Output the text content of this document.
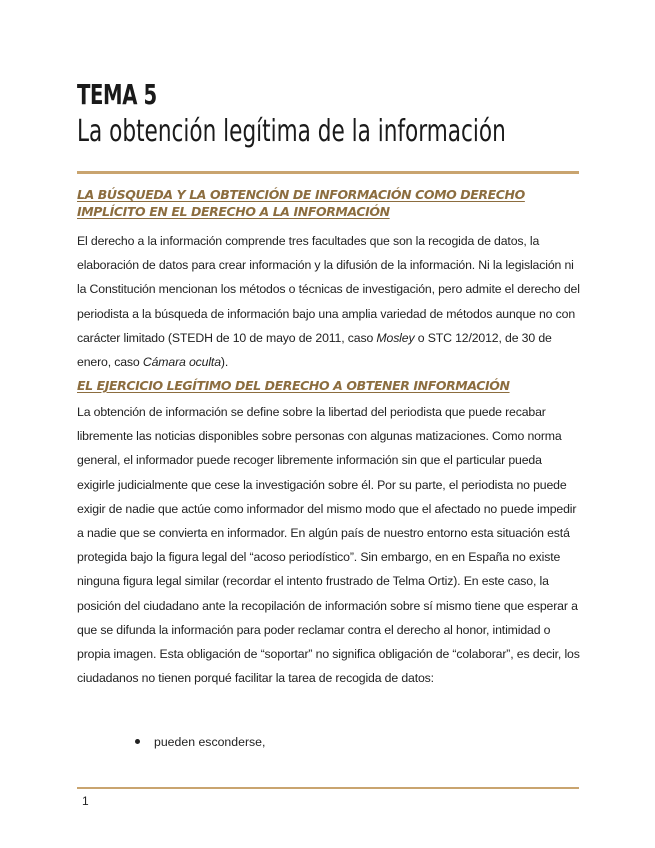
TEMA 5
La obtención legítima de la información
LA BÚSQUEDA Y LA OBTENCIÓN DE INFORMACIÓN COMO DERECHO IMPLÍCITO EN EL DERECHO A LA INFORMACIÓN
El derecho a la información comprende tres facultades que son la recogida de datos, la elaboración de datos para crear información y la difusión de la información. Ni la legislación ni la Constitución mencionan los métodos o técnicas de investigación, pero admite el derecho del periodista a la búsqueda de información bajo una amplia variedad de métodos aunque no con carácter limitado (STEDH de 10 de mayo de 2011, caso Mosley o STC 12/2012, de 30 de enero, caso Cámara oculta).
EL EJERCICIO LEGÍTIMO DEL DERECHO A OBTENER INFORMACIÓN
La obtención de información se define sobre la libertad del periodista que puede recabar libremente las noticias disponibles sobre personas con algunas matizaciones. Como norma general, el informador puede recoger libremente información sin que el particular pueda exigirle judicialmente que cese la investigación sobre él. Por su parte, el periodista no puede exigir de nadie que actúe como informador del mismo modo que el afectado no puede impedir a nadie que se convierta en informador. En algún país de nuestro entorno esta situación está protegida bajo la figura legal del “acoso periodístico”. Sin embargo, en en España no existe ninguna figura legal similar (recordar el intento frustrado de Telma Ortiz). En este caso, la posición del ciudadano ante la recopilación de información sobre sí mismo tiene que esperar a que se difunda la información para poder reclamar contra el derecho al honor, intimidad o propia imagen. Esta obligación de “soportar” no significa obligación de “colaborar”, es decir, los ciudadanos no tienen porqué facilitar la tarea de recogida de datos:
pueden esconderse,
1
